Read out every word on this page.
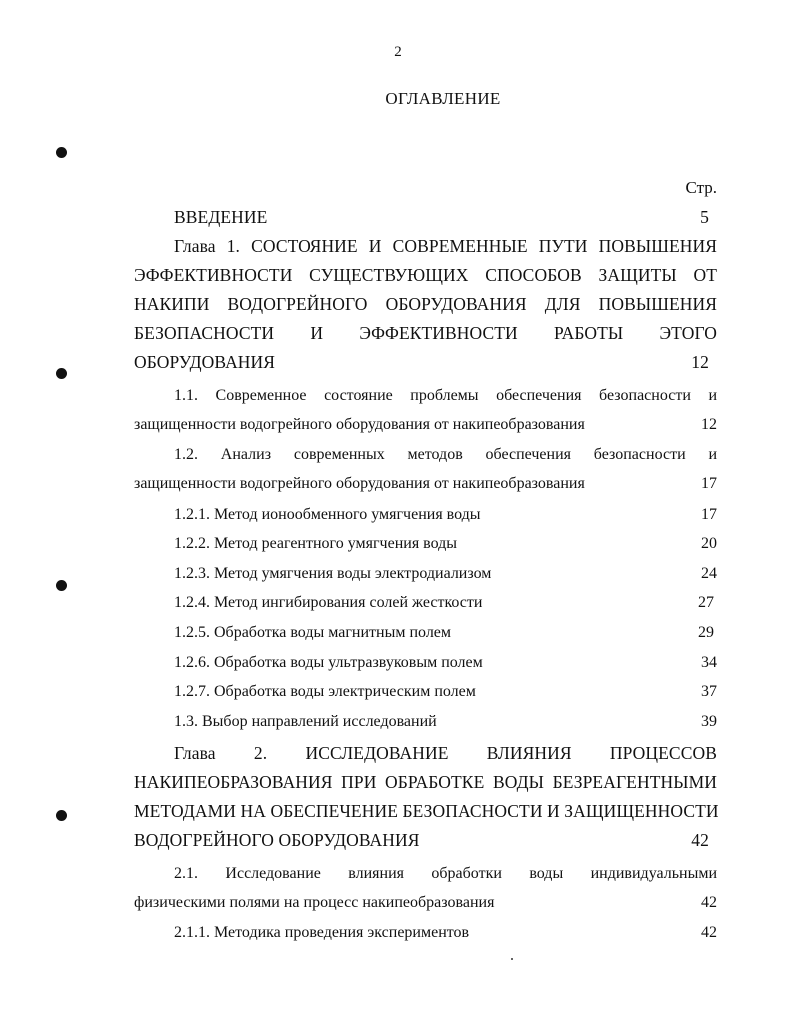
2
ОГЛАВЛЕНИЕ
Стр.
ВВЕДЕНИЕ	5
Глава 1. СОСТОЯНИЕ И СОВРЕМЕННЫЕ ПУТИ ПОВЫШЕНИЯ
ЭФФЕКТИВНОСТИ СУЩЕСТВУЮЩИХ СПОСОБОВ ЗАЩИТЫ ОТ
НАКИПИ ВОДОГРЕЙНОГО ОБОРУДОВАНИЯ ДЛЯ ПОВЫШЕНИЯ
БЕЗОПАСНОСТИ И ЭФФЕКТИВНОСТИ РАБОТЫ ЭТОГО
ОБОРУДОВАНИЯ	12
1.1. Современное состояние проблемы обеспечения безопасности и
защищенности водогрейного оборудования от накипеобразования	12
1.2. Анализ современных методов обеспечения безопасности и
защищенности водогрейного оборудования от накипеобразования	17
1.2.1. Метод ионообменного умягчения воды	17
1.2.2. Метод реагентного умягчения воды	20
1.2.3. Метод умягчения воды электродиализом	24
1.2.4. Метод ингибирования солей жесткости	27
1.2.5. Обработка воды магнитным полем	29
1.2.6. Обработка воды ультразвуковым полем	34
1.2.7. Обработка воды электрическим полем	37
1.3. Выбор направлений исследований	39
Глава 2. ИССЛЕДОВАНИЕ ВЛИЯНИЯ ПРОЦЕССОВ
НАКИПЕОБРАЗОВАНИЯ ПРИ ОБРАБОТКЕ ВОДЫ БЕЗРЕАГЕНТНЫМИ
МЕТОДАМИ НА ОБЕСПЕЧЕНИЕ БЕЗОПАСНОСТИ И ЗАЩИЩЕННОСТИ
ВОДОГРЕЙНОГО ОБОРУДОВАНИЯ	42
2.1. Исследование влияния обработки воды индивидуальными
физическими полями на процесс накипеобразования	42
2.1.1. Методика проведения экспериментов	42
